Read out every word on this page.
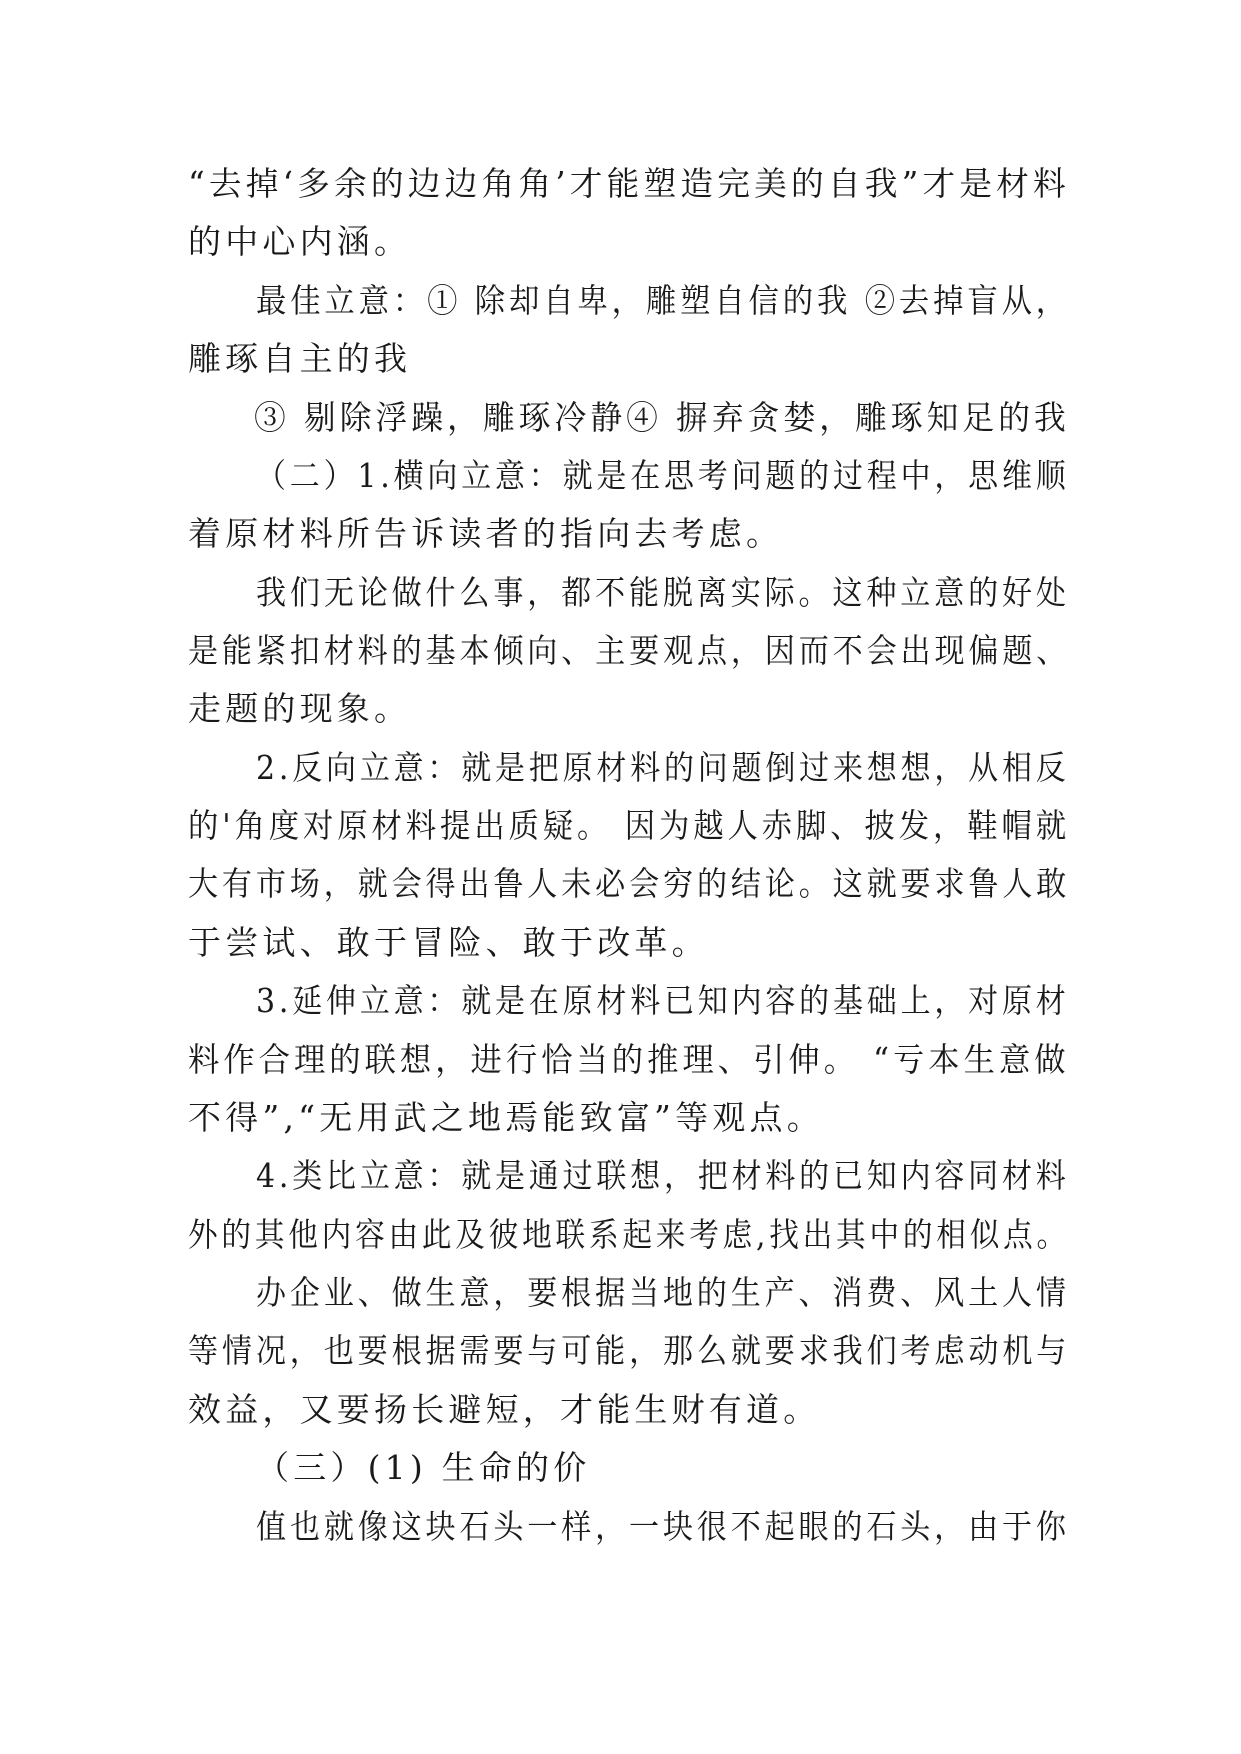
“去掉‘多余的边边角角’才能塑造完美的自我”才是材料
的中心内涵。
最佳立意：① 除却自卑，雕塑自信的我 ②去掉盲从，
雕琢自主的我
③ 剔除浮躁，雕琢冷静④ 摒弃贪婪，雕琢知足的我
（二）1.横向立意：就是在思考问题的过程中，思维顺
着原材料所告诉读者的指向去考虑。
我们无论做什么事，都不能脱离实际。这种立意的好处
是能紧扣材料的基本倾向、主要观点，因而不会出现偏题、
走题的现象。
2.反向立意：就是把原材料的问题倒过来想想，从相反
的'角度对原材料提出质疑。 因为越人赤脚、披发，鞋帽就
大有市场，就会得出鲁人未必会穷的结论。这就要求鲁人敢
于尝试、敢于冒险、敢于改革。
3.延伸立意：就是在原材料已知内容的基础上，对原材
料作合理的联想，进行恰当的推理、引伸。 “亏本生意做
不得”,“无用武之地焉能致富”等观点。
4.类比立意：就是通过联想，把材料的已知内容同材料
外的其他内容由此及彼地联系起来考虑,找出其中的相似点。
办企业、做生意，要根据当地的生产、消费、风土人情
等情况，也要根据需要与可能，那么就要求我们考虑动机与
效益，又要扬长避短，才能生财有道。
（三）(1) 生命的价
值也就像这块石头一样，一块很不起眼的石头，由于你
